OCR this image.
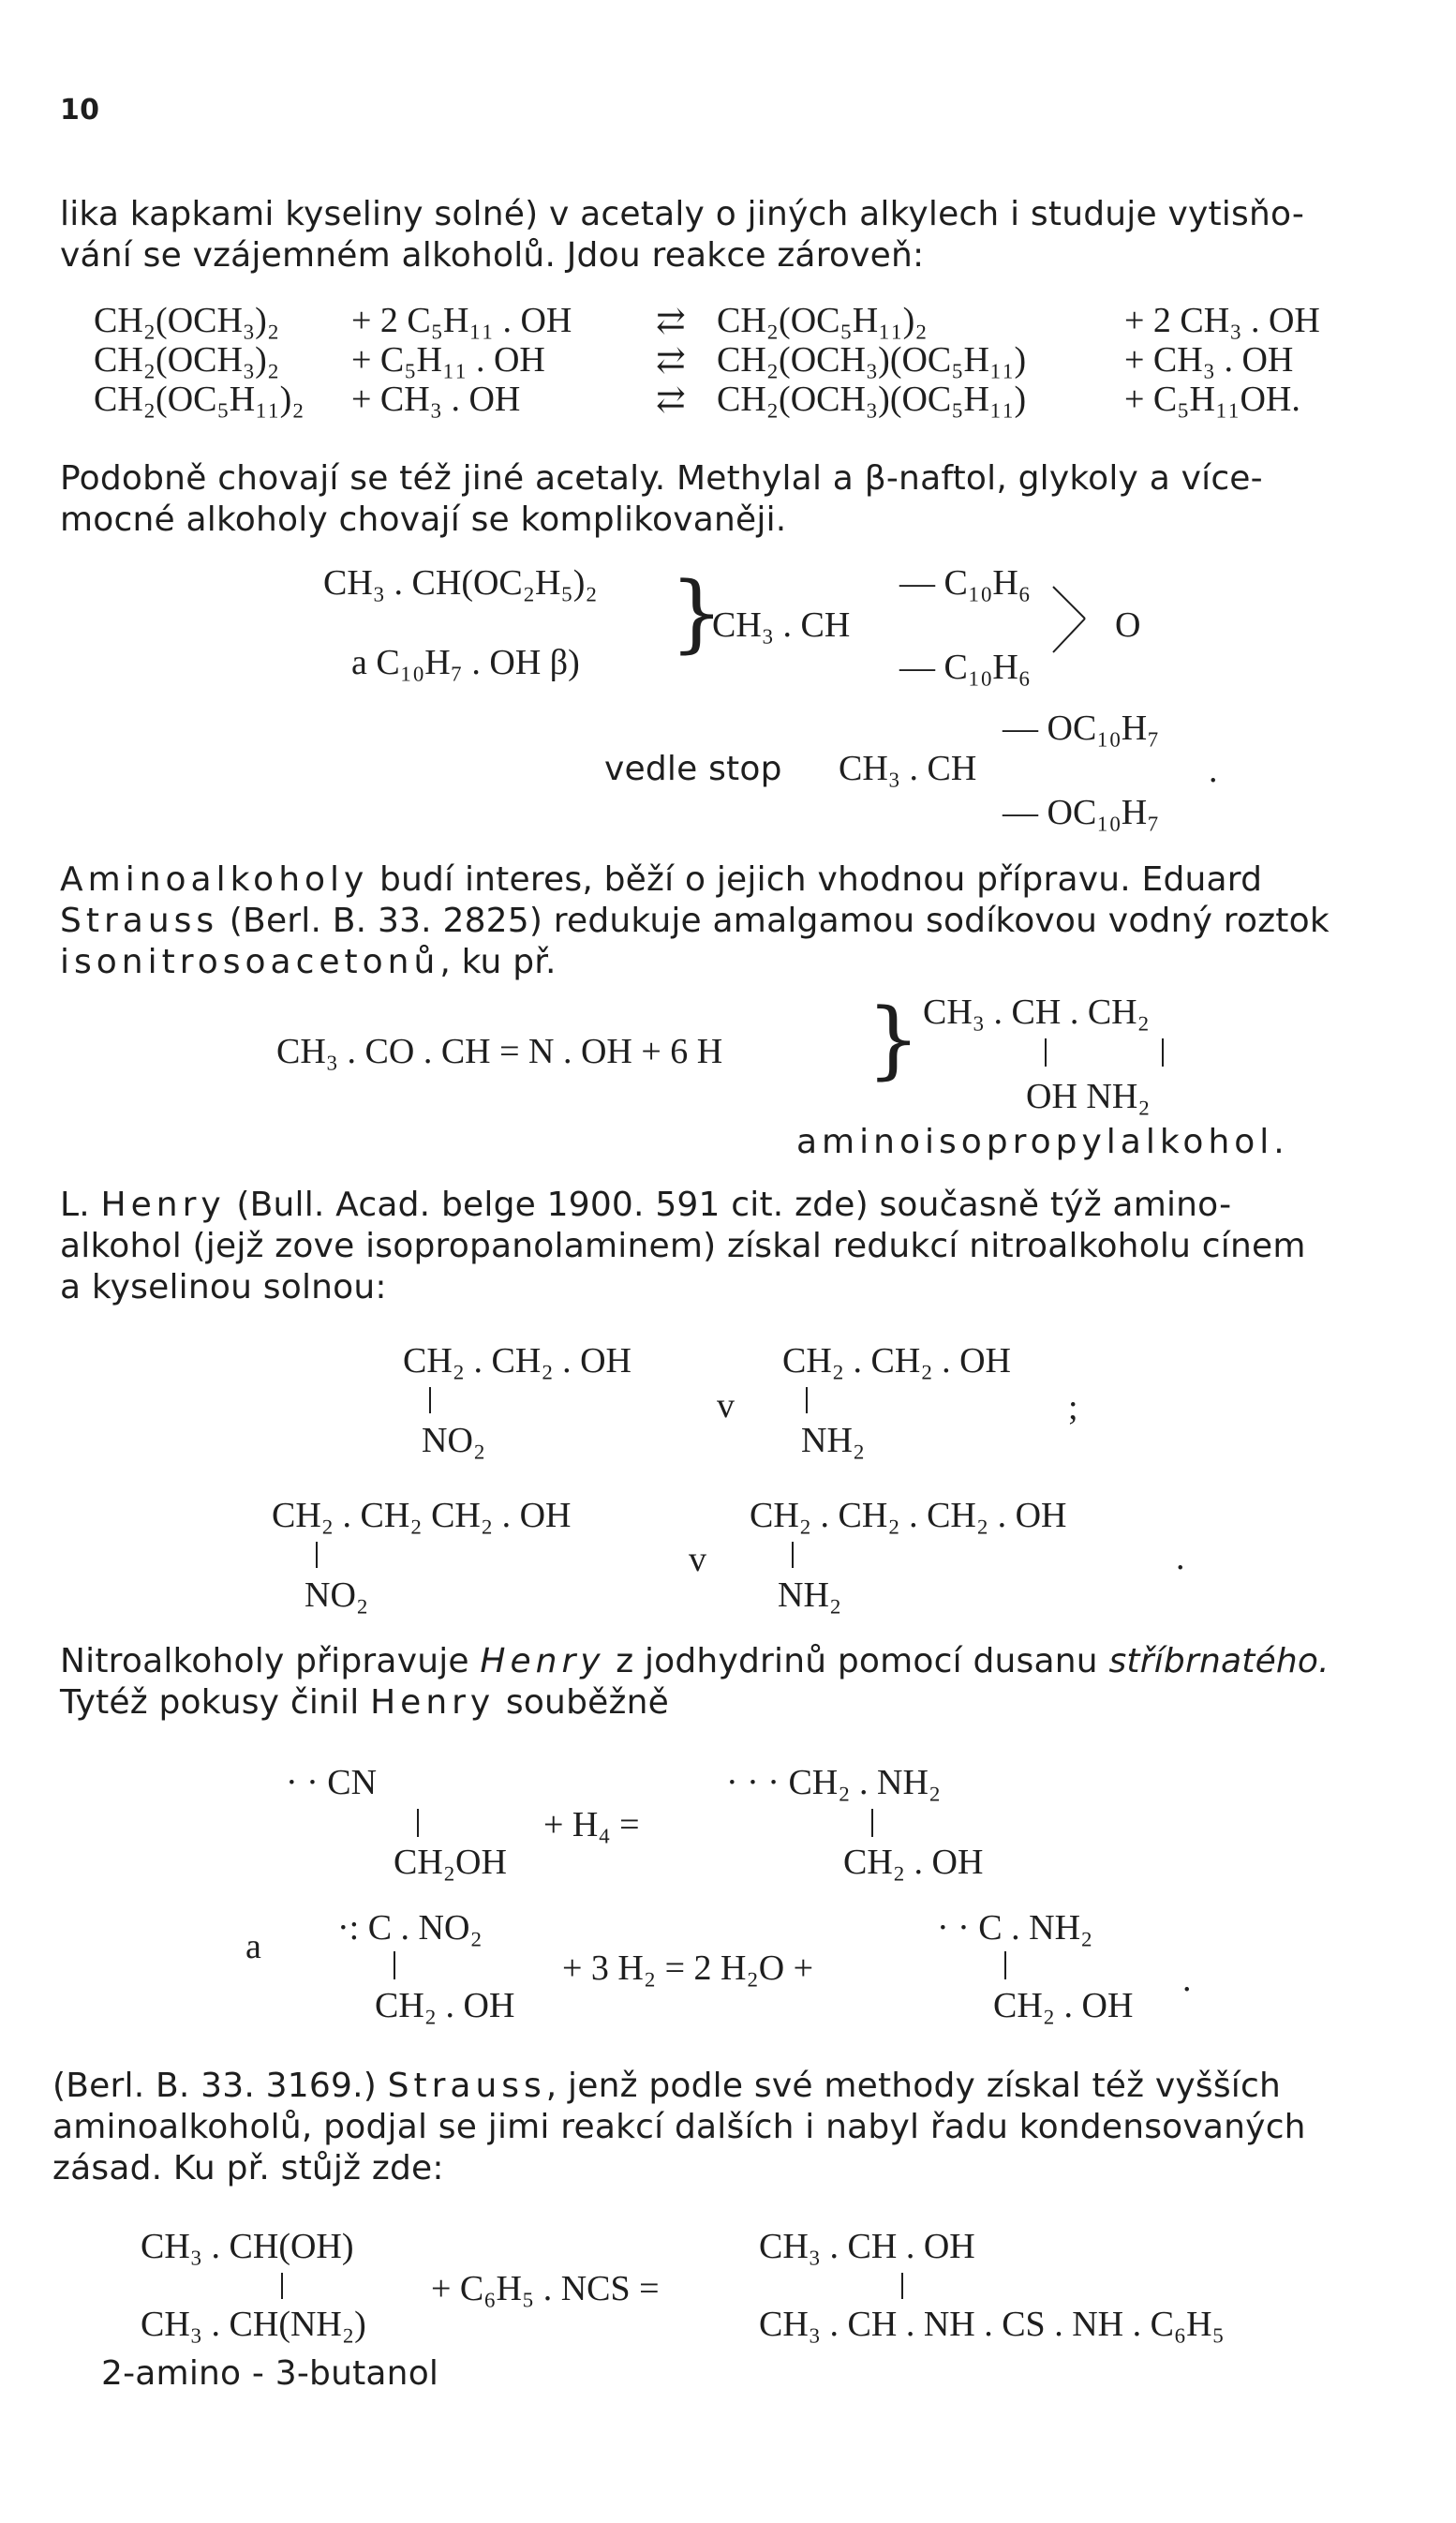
10
lika kapkami kyseliny solné) v acetaly o jiných alkylech i studuje vytisňo-
vání se vzájemném alkoholů. Jdou reakce zároveň:
CH₂(OCH₃)₂ + 2 C₅H₁₁ . OH ⇄ CH₂(OC₅H₁₁)₂	+ 2 CH₃ . OH
CH₂(OCH₃)₂ + C₅H₁₁ . OH	⇄ CH₂(OCH₃)(OC₅H₁₁)	+ CH₃ . OH
CH₂(OC₅H₁₁)₂ + CH₃ . OH	⇄ CH₂(OCH₃)(OC₅H₁₁)	+ C₅H₁₁OH.
Podobně chovají se též jiné acetaly. Methylal a β-naftol, glykoly a více-
mocné alkoholy chovají se komplikovaněji.
CH₃ . CH(OC₂H₅)₂
a C₁₀H₇ . OH β) }
CH₃ . CH
— C₁₀H₆
— C₁₀H₆
O
— OC₁₀H₇
vedle stop CH₃ . CH	.
— OC₁₀H₇
Aminoalkoholy budí interes, běží o jejich vhodnou přípravu. Eduard
Strauss (Berl. B. 33. 2825) redukuje amalgamou sodíkovou vodný roztok
isonitrosoacetonů, ku př.
CH₃ . CO . CH = N . OH + 6 H } CH₃ . CH . CH₂
OH NH₂
aminoisopropylalkohol.
L. Henry (Bull. Acad. belge 1900. 591 cit. zde) současně týž amino-
alkohol (jejž zove isopropanolaminem) získal redukcí nitroalkoholu cínem
a kyselinou solnou:
CH₂ . CH₂ . OH
NO₂
v
CH₂ . CH₂ . OH
NH₂
;
CH₂ . CH₂ CH₂ . OH
NO₂
v
CH₂ . CH₂ . CH₂ . OH
NH₂
.
Nitroalkoholy připravuje Henry z jodhydrinů pomocí dusanu stříbrnatého.
Tytéž pokusy činil Henry souběžně
· · CN
CH₂OH
+ H₄ =
· · · CH₂ . NH₂
CH₂ . OH
a ·: C . NO₂
CH₂ . OH
+ 3 H₂ = 2 H₂O +
· · C . NH₂
CH₂ . OH
.
(Berl. B. 33. 3169.) Strauss, jenž podle své methody získal též vyšších
aminoalkoholů, podjal se jimi reakcí dalších i nabyl řadu kondensovaných
zásad. Ku př. stůjž zde:
CH₃ . CH(OH)
CH₃ . CH(NH₂)
+ C₆H₅ . NCS =
CH₃ . CH . OH
CH₃ . CH . NH . CS . NH . C₆H₅
2-amino - 3-butanol
